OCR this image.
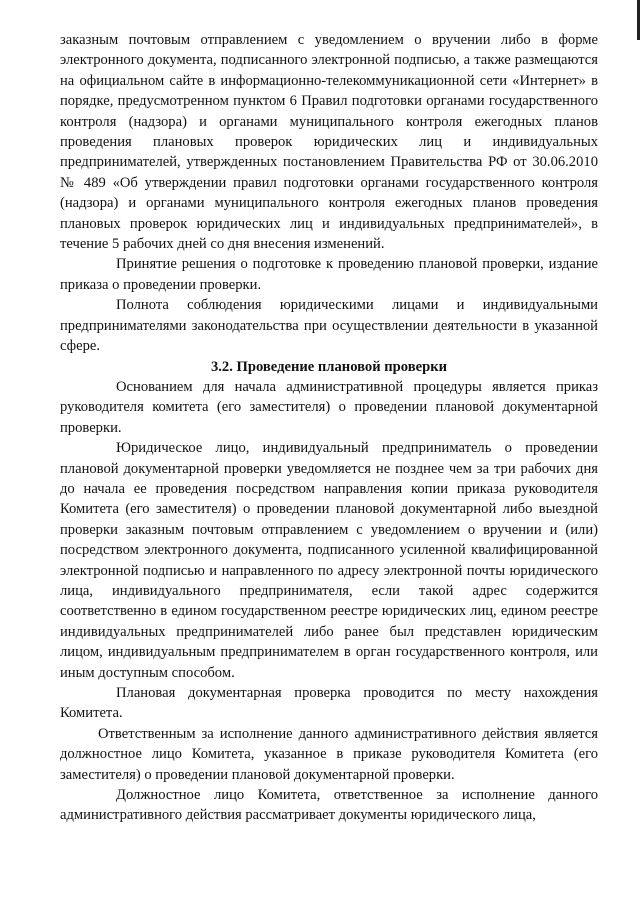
заказным почтовым отправлением с уведомлением о вручении либо в форме электронного документа, подписанного электронной подписью, а также размещаются на официальном сайте в информационно-телекоммуникационной сети «Интернет» в порядке, предусмотренном пунктом 6 Правил подготовки органами государственного контроля (надзора) и органами муниципального контроля ежегодных планов проведения плановых проверок юридических лиц и индивидуальных предпринимателей, утвержденных постановлением Правительства РФ от 30.06.2010 № 489 «Об утверждении правил подготовки органами государственного контроля (надзора) и органами муниципального контроля ежегодных планов проведения плановых проверок юридических лиц и индивидуальных предпринимателей», в течение 5 рабочих дней со дня внесения изменений.

Принятие решения о подготовке к проведению плановой проверки, издание приказа о проведении проверки.

Полнота соблюдения юридическими лицами и индивидуальными предпринимателями законодательства при осуществлении деятельности в указанной сфере.

3.2. Проведение плановой проверки

Основанием для начала административной процедуры является приказ руководителя комитета (его заместителя) о проведении плановой документарной проверки.

Юридическое лицо, индивидуальный предприниматель о проведении плановой документарной проверки уведомляется не позднее чем за три рабочих дня до начала ее проведения посредством направления копии приказа руководителя Комитета (его заместителя) о проведении плановой документарной либо выездной проверки заказным почтовым отправлением с уведомлением о вручении и (или) посредством электронного документа, подписанного усиленной квалифицированной электронной подписью и направленного по адресу электронной почты юридического лица, индивидуального предпринимателя, если такой адрес содержится соответственно в едином государственном реестре юридических лиц, едином реестре индивидуальных предпринимателей либо ранее был представлен юридическим лицом, индивидуальным предпринимателем в орган государственного контроля, или иным доступным способом.

Плановая документарная проверка проводится по месту нахождения Комитета.

Ответственным за исполнение данного административного действия является должностное лицо Комитета, указанное в приказе руководителя Комитета (его заместителя) о проведении плановой документарной проверки.

Должностное лицо Комитета, ответственное за исполнение данного административного действия рассматривает документы юридического лица,
